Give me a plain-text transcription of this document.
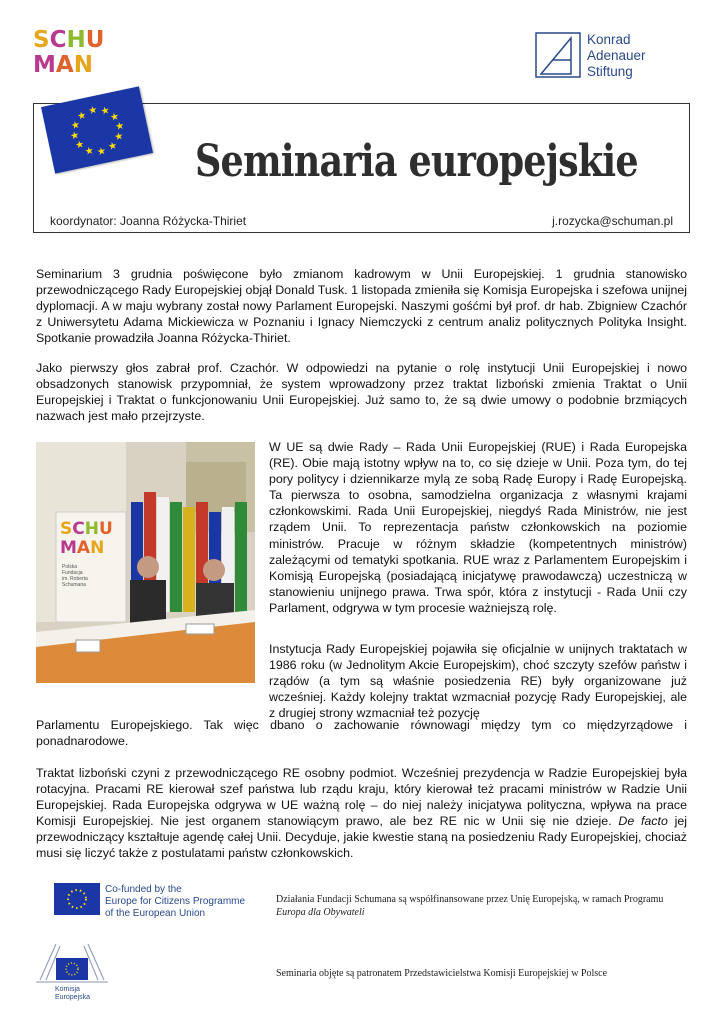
SCHU
MAN
Konrad
Adenauer
Stiftung
★ ★
★
★
★
★
★
★
★
★
★
★
Seminaria europejskie
koordynator: Joanna Różycka-Thiriet	j.rozycka@schuman.pl
Seminarium 3 grudnia poświęcone było zmianom kadrowym w Unii Europejskiej. 1 grudnia stanowisko przewodniczącego Rady Europejskiej objął Donald Tusk. 1 listopada zmieniła się Komisja Europejska i szefowa unijnej dyplomacji. A w maju wybrany został nowy Parlament Europejski. Naszymi gośćmi był prof. dr hab. Zbigniew Czachór z Uniwersytetu Adama Mickiewicza w Poznaniu i Ignacy Niemczycki z centrum analiz politycznych Polityka Insight. Spotkanie prowadziła Joanna Różycka-Thiriet.
Jako pierwszy głos zabrał prof. Czachór. W odpowiedzi na pytanie o rolę instytucji Unii Europejskiej i nowo obsadzonych stanowisk przypomniał, że system wprowadzony przez traktat lizboński zmienia Traktat o Unii Europejskiej i Traktat o funkcjonowaniu Unii Europejskiej. Już samo to, że są dwie umowy o podobnie brzmiących nazwach jest mało przejrzyste.
SCHU
MAN
Polska
Fundacja
im. Roberta
Schumana
W UE są dwie Rady – Rada Unii Europejskiej (RUE) i Rada Europejska (RE). Obie mają istotny wpływ na to, co się dzieje w Unii. Poza tym, do tej pory politycy i dziennikarze mylą ze sobą Radę Europy i Radę Europejską. Ta pierwsza to osobna, samodzielna organizacja z własnymi krajami członkowskimi. Rada Unii Europejskiej, niegdyś Rada Ministrów, nie jest rządem Unii. To reprezentacja państw członkowskich na poziomie ministrów. Pracuje w różnym składzie (kompetentnych ministrów) zależącymi od tematyki spotkania. RUE wraz z Parlamentem Europejskim i Komisją Europejską (posiadającą inicjatywę prawodawczą) uczestniczą w stanowieniu unijnego prawa. Trwa spór, która z instytucji - Rada Unii czy Parlament, odgrywa w tym procesie ważniejszą rolę.
Instytucja Rady Europejskiej pojawiła się oficjalnie w unijnych traktatach w 1986 roku (w Jednolitym Akcie Europejskim), choć szczyty szefów państw i rządów (a tym są właśnie posiedzenia RE) były organizowane już wcześniej. Każdy kolejny traktat wzmacniał pozycję Rady Europejskiej, ale z drugiej strony wzmacniał też pozycję
Parlamentu Europejskiego. Tak więc dbano o zachowanie równowagi między tym co międzyrządowe i ponadnarodowe.
Traktat lizboński czyni z przewodniczącego RE osobny podmiot. Wcześniej prezydencja w Radzie Europejskiej była rotacyjna. Pracami RE kierował szef państwa lub rządu kraju, który kierował też pracami ministrów w Radzie Unii Europejskiej. Rada Europejska odgrywa w UE ważną rolę – do niej należy inicjatywa polityczna, wpływa na prace Komisji Europejskiej. Nie jest organem stanowiącym prawo, ale bez RE nic w Unii się nie dzieje. De facto jej przewodniczący kształtuje agendę całej Unii. Decyduje, jakie kwestie staną na posiedzeniu Rady Europejskiej, chociaż musi się liczyć także z postulatami państw członkowskich.
Co-funded by the
Europe for Citizens Programme
of the European Union
Działania Fundacji Schumana są współfinansowane przez Unię Europejską, w ramach Programu Europa dla Obywateli
Komisja
Europejska
Seminaria objęte są patronatem Przedstawicielstwa Komisji Europejskiej w Polsce
